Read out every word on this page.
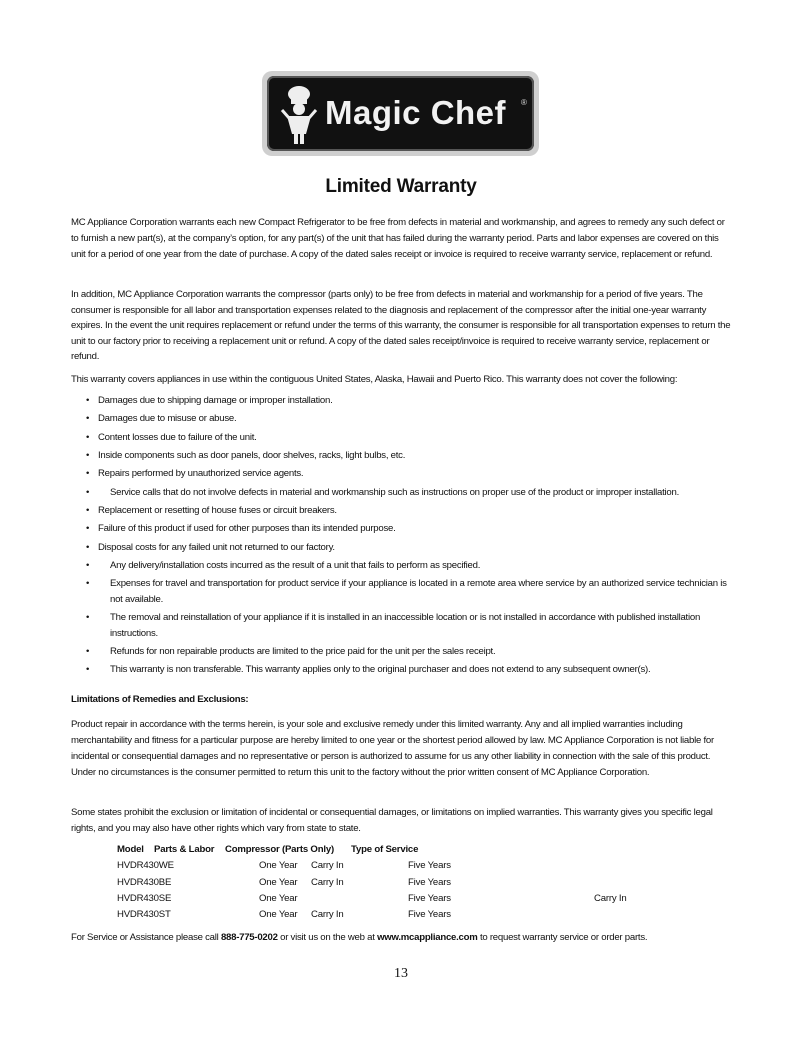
Magic Chef ®
Limited Warranty

MC Appliance Corporation warrants each new Compact Refrigerator to be free from defects in material and workmanship, and agrees to remedy any such defect or to furnish a new part(s), at the company’s option, for any part(s) of the unit that has failed during the warranty period. Parts and labor expenses are covered on this unit for a period of one year from the date of purchase. A copy of the dated sales receipt or invoice is required to receive warranty service, replacement or refund.

In addition, MC Appliance Corporation warrants the compressor (parts only) to be free from defects in material and workmanship for a period of five years. The consumer is responsible for all labor and transportation expenses related to the diagnosis and replacement of the compressor after the initial one-year warranty expires. In the event the unit requires replacement or refund under the terms of this warranty, the consumer is responsible for all transportation expenses to return the unit to our factory prior to receiving a replacement unit or refund. A copy of the dated sales receipt/invoice is required to receive warranty service, replacement or refund.

This warranty covers appliances in use within the contiguous United States, Alaska, Hawaii and Puerto Rico. This warranty does not cover the following:

• Damages due to shipping damage or improper installation.
• Damages due to misuse or abuse.
• Content losses due to failure of the unit.
• Inside components such as door panels, door shelves, racks, light bulbs, etc.
• Repairs performed by unauthorized service agents.
•	Service calls that do not involve defects in material and workmanship such as instructions on proper use of the product or improper installation.
• Replacement or resetting of house fuses or circuit breakers.
• Failure of this product if used for other purposes than its intended purpose.
• Disposal costs for any failed unit not returned to our factory.
•	Any delivery/installation costs incurred as the result of a unit that fails to perform as specified.
•	Expenses for travel and transportation for product service if your appliance is located in a remote area where service by an authorized service technician is not available.
•	The removal and reinstallation of your appliance if it is installed in an inaccessible location or is not installed in accordance with published installation instructions.
•	Refunds for non repairable products are limited to the price paid for the unit per the sales receipt.
•	This warranty is non transferable. This warranty applies only to the original purchaser and does not extend to any subsequent owner(s).
Limitations of Remedies and Exclusions:

Product repair in accordance with the terms herein, is your sole and exclusive remedy under this limited warranty. Any and all implied warranties including merchantability and fitness for a particular purpose are hereby limited to one year or the shortest period allowed by law. MC Appliance Corporation is not liable for incidental or consequential damages and no representative or person is authorized to assume for us any other liability in connection with the sale of this product. Under no circumstances is the consumer permitted to return this unit to the factory without the prior written consent of MC Appliance Corporation.

Some states prohibit the exclusion or limitation of incidental or consequential damages, or limitations on implied warranties. This warranty gives you specific legal rights, and you may also have other rights which vary from state to state.

Model Parts & Labor Compressor (Parts Only) Type of Service
HVDR430WE	One Year Carry In	Five Years
HVDR430BE	One Year Carry In	Five Years
HVDR430SE	One Year	Five Years	Carry In
HVDR430ST	One Year Carry In	Five Years
For Service or Assistance please call 888-775-0202 or visit us on the web at www.mcappliance.com to request warranty service or order parts.
13
